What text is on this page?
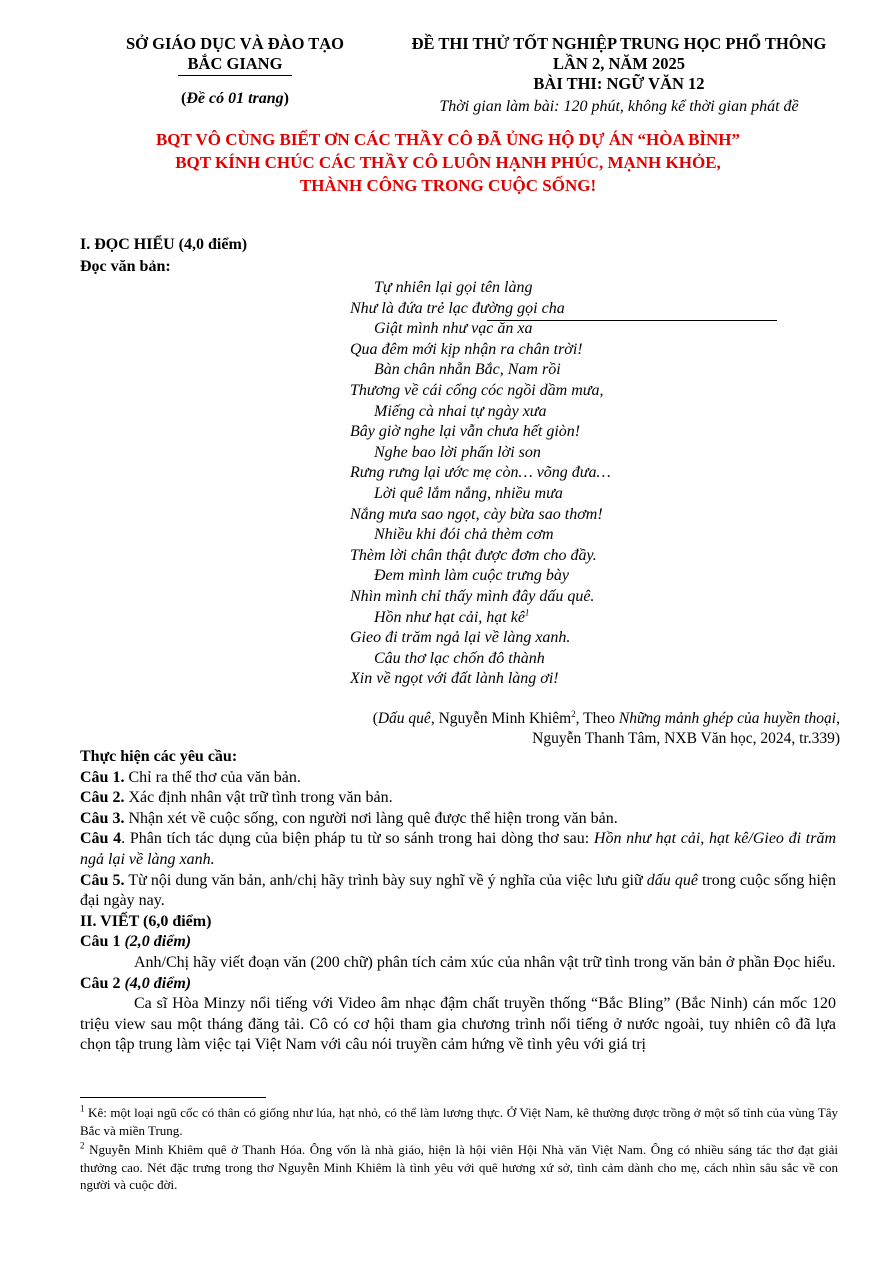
SỞ GIÁO DỤC VÀ ĐÀO TẠO
BẮC GIANG
(Đề có 01 trang)
ĐỀ THI THỬ TỐT NGHIỆP TRUNG HỌC PHỔ THÔNG
LẦN 2, NĂM 2025
BÀI THI: NGỮ VĂN 12
Thời gian làm bài: 120 phút, không kể thời gian phát đề
BQT VÔ CÙNG BIẾT ƠN CÁC THẦY CÔ ĐÃ ỦNG HỘ DỰ ÁN “HÒA BÌNH”
BQT KÍNH CHÚC CÁC THẦY CÔ LUÔN HẠNH PHÚC, MẠNH KHỎE,
THÀNH CÔNG TRONG CUỘC SỐNG!
I. ĐỌC HIỂU (4,0 điểm)
Đọc văn bản:
Tự nhiên lại gọi tên làng
Như là đứa trẻ lạc đường gọi cha
Giật mình như vạc ăn xa
Qua đêm mới kịp nhận ra chân trời!
Bàn chân nhẵn Bắc, Nam rồi
Thương về cái cổng cóc ngồi dầm mưa,
Miếng cà nhai tự ngày xưa
Bây giờ nghe lại vẫn chưa hết giòn!
Nghe bao lời phấn lời son
Rưng rưng lại ước mẹ còn… võng đưa…
Lời quê lắm nắng, nhiều mưa
Nắng mưa sao ngọt, cày bừa sao thơm!
Nhiều khi đói chả thèm cơm
Thèm lời chân thật được đơm cho đầy.
Đem mình làm cuộc trưng bày
Nhìn mình chỉ thấy mình đây dấu quê.
Hồn như hạt cải, hạt $kê^1$
Gieo đi trăm ngả lại về làng xanh.
Câu thơ lạc chốn đô thành
Xin về ngọt với đất lành làng ơi!
(Dấu quê, Nguyễn Minh Khiêm$^2$, Theo Những mảnh ghép của huyền thoại,
Nguyễn Thanh Tâm, NXB Văn học, 2024, tr.339)

Thực hiện các yêu cầu:

Câu 1. Chỉ ra thể thơ của văn bản.

Câu 2. Xác định nhân vật trữ tình trong văn bản.

Câu 3. Nhận xét về cuộc sống, con người nơi làng quê được thể hiện trong văn bản.

Câu 4. Phân tích tác dụng của biện pháp tu từ so sánh trong hai dòng thơ sau: Hồn như hạt cải, hạt kê/Gieo đi trăm ngả lại về làng xanh.

Câu 5. Từ nội dung văn bản, anh/chị hãy trình bày suy nghĩ về ý nghĩa của việc lưu giữ dấu quê trong cuộc sống hiện đại ngày nay.

II. VIẾT (6,0 điểm)

Câu 1 (2,0 điểm)

Anh/Chị hãy viết đoạn văn (200 chữ) phân tích cảm xúc của nhân vật trữ tình trong văn bản ở phần Đọc hiểu.

Câu 2 (4,0 điểm)

Ca sĩ Hòa Minzy nổi tiếng với Video âm nhạc đậm chất truyền thống “Bắc Bling” (Bắc Ninh) cán mốc 120 triệu view sau một tháng đăng tải. Cô có cơ hội tham gia chương trình nổi tiếng ở nước ngoài, tuy nhiên cô đã lựa chọn tập trung làm việc tại Việt Nam với câu nói truyền cảm hứng về tình yêu với giá trị

$^1$ Kê: một loại ngũ cốc có thân có giống như lúa, hạt nhỏ, có thể làm lương thực. Ở Việt Nam, kê thường được trồng ở một số tỉnh của vùng Tây Bắc và miền Trung.

$^2$ Nguyễn Minh Khiêm quê ở Thanh Hóa. Ông vốn là nhà giáo, hiện là hội viên Hội Nhà văn Việt Nam. Ông có nhiều sáng tác thơ đạt giải thưởng cao. Nét đặc trưng trong thơ Nguyễn Minh Khiêm là tình yêu với quê hương xứ sở, tình cảm dành cho mẹ, cách nhìn sâu sắc về con người và cuộc đời.
